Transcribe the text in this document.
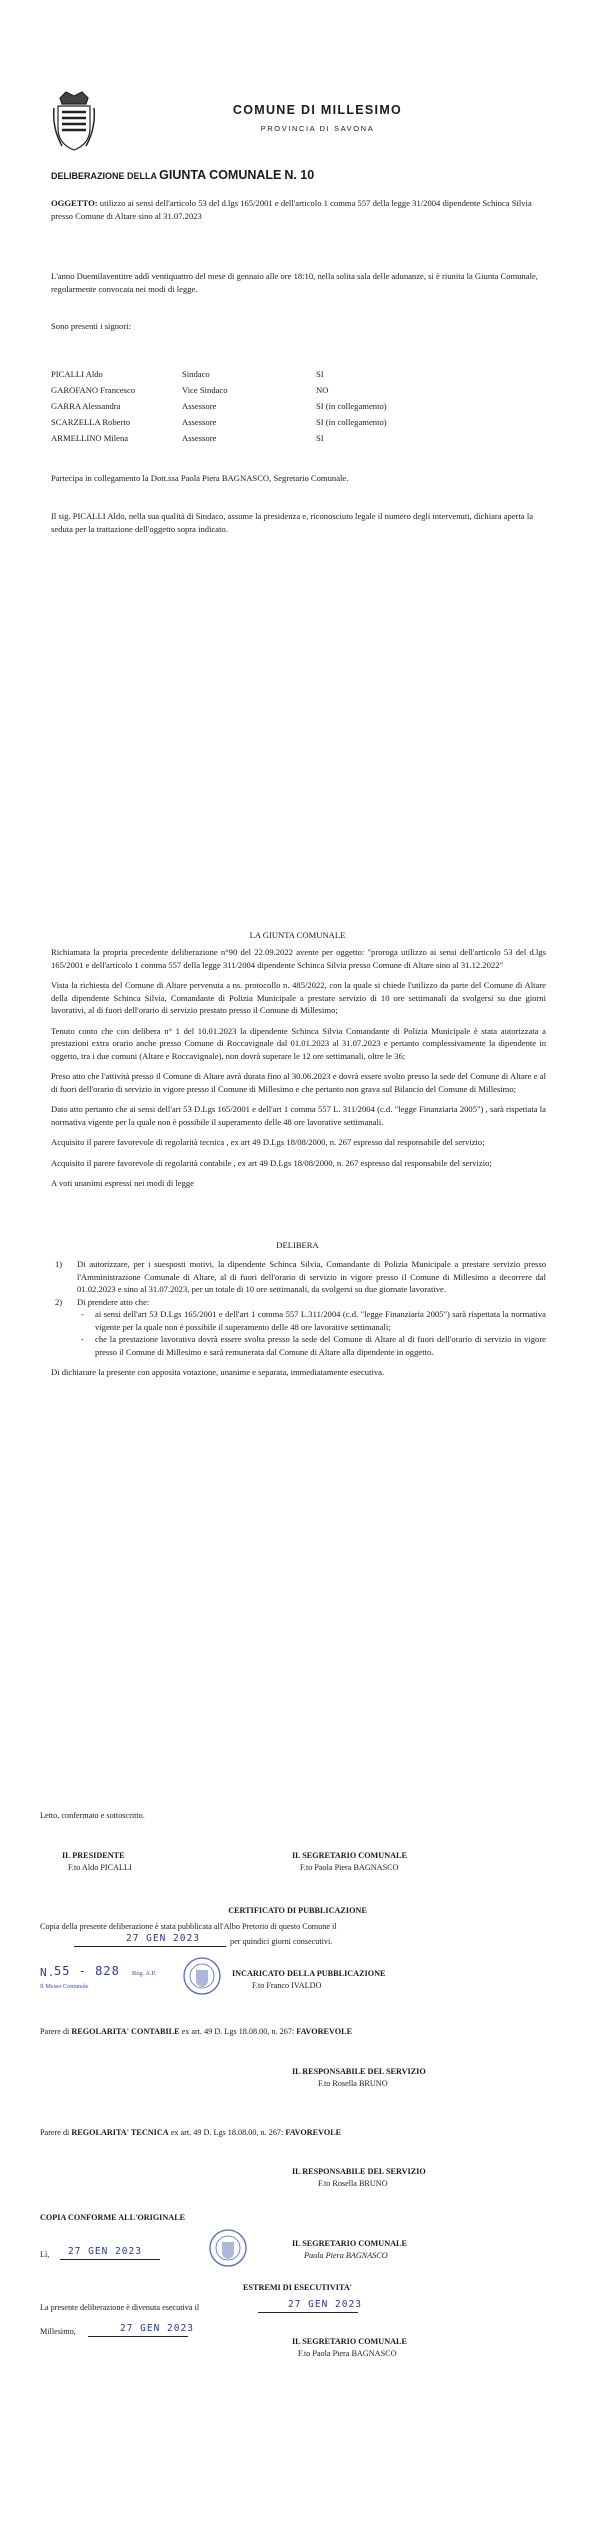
COMUNE DI MILLESIMO
PROVINCIA DI SAVONA
DELIBERAZIONE DELLA GIUNTA COMUNALE N. 10
OGGETTO: utilizzo ai sensi dell'articolo 53 del d.lgs 165/2001 e dell'articolo 1 comma 557 della legge 31/2004 dipendente Schinca Silvia presso Comune di Altare sino al 31.07.2023
L'anno Duemilaventitre addì ventiquattro del mese di gennaio alle ore 18:10, nella solita sala delle adunanze, si è riunita la Giunta Comunale, regolarmente convocata nei modi di legge.
Sono presenti i signori:
PICALLI Aldo	Sindaco	SI
GAROFANO Francesco	Vice Sindaco	NO
GARRA Alessandra	Assessore	SI (in collegamento)
SCARZELLA Roberto	Assessore	SI (in collegamento)
ARMELLINO Milena	Assessore	SI
Partecipa in collegamento la Dott.ssa Paola Piera BAGNASCO, Segretario Comunale.
Il sig. PICALLI Aldo, nella sua qualità di Sindaco, assume la presidenza e, riconosciuto legale il numero degli intervenuti, dichiara aperta la seduta per la trattazione dell'oggetto sopra indicato.
LA GIUNTA COMUNALE
Richiamata la propria precedente deliberazione n°90 del 22.09.2022 avente per oggetto: "proroga utilizzo ai sensi dell'articolo 53 del d.lgs 165/2001 e dell'articolo 1 comma 557 della legge 311/2004 dipendente Schinca Silvia presso Comune di Altare sino al 31.12.2022"
Vista la richiesta del Comune di Altare pervenuta a ns. protocollo n. 485/2022, con la quale si chiede l'utilizzo da parte del Comune di Altare della dipendente Schinca Silvia, Comandante di Polizia Municipale a prestare servizio di 10 ore settimanali da svolgersi su due giorni lavorativi, al di fuori dell'orario di servizio prestato presso il Comune di Millesimo;
Tenuto conto che con delibera n° 1 del 10.01.2023 la dipendente Schinca Silvia Comandante di Polizia Municipale è stata autorizzata a prestazioni extra orario anche presso Comune di Roccavignale dal 01.01.2023 al 31.07.2023 e pertanto complessivamente la dipendente in oggetto, tra i due comuni (Altare e Roccavignale), non dovrà superare le 12 ore settimanali, oltre le 36;
Preso atto che l'attività presso il Comune di Altare avrà durata fino al 30.06.2023 e dovrà essere svolto presso la sede del Comune di Altare e al di fuori dell'orario di servizio in vigore presso il Comune di Millesimo e che pertanto non grava sul Bilancio del Comune di Millesimo;
Dato atto pertanto che ai sensi dell'art 53 D.Lgs 165/2001 e dell'art 1 comma 557 L. 311/2004 (c.d. "legge Finanziaria 2005") , sarà rispettata la normativa vigente per la quale non è possibile il superamento delle 48 ore lavorative settimanali.
Acquisito il parere favorevole di regolarità tecnica , ex art 49 D.Lgs 18/08/2000, n. 267 espresso dal responsabile del servizio;
Acquisito il parere favorevole di regolarità contabile , ex art 49 D.Lgs 18/08/2000, n. 267 espresso dal responsabile del servizio;
A voti unanimi espressi nei modi di legge
DELIBERA
1)	Di autorizzare, per i suesposti motivi, la dipendente Schinca Silvia, Comandante di Polizia Municipale a prestare servizio presso l'Amministrazione Comunale di Altare, al di fuori dell'orario di servizio in vigore presso il Comune di Millesimo a decorrere dal 01.02.2023 e sino al 31.07.2023, per un totale di 10 ore settimanali, da svolgersi su due giornate lavorative.
2)	Di prendere atto che:
-	ai sensi dell'art 53 D.Lgs 165/2001 e dell'art 1 comma 557 L.311/2004 (c.d. "legge Finanziaria 2005") sarà rispettata la normativa vigente per la quale non è possibile il superamento delle 48 ore lavorative settimanali;
-	che la prestazione lavorativa dovrà essere svolta presso la sede del Comune di Altare al di fuori dell'orario di servizio in vigore presso il Comune di Millesimo e sarà remunerata dal Comune di Altare alla dipendente in oggetto.
Di dichiarare la presente con apposita votazione, unanime e separata, immediatamente esecutiva.
Letto, confermato e sottoscritto.
IL PRESIDENTE
F.to Aldo PICALLI
IL SEGRETARIO COMUNALE
F.to Paola Piera BAGNASCO
CERTIFICATO DI PUBBLICAZIONE
Copia della presente deliberazione è stata pubblicata all'Albo Pretorio di questo Comune il
27 GEN 2023	per quindici giorni consecutivi.
N.
55 - 828 Reg. A.P.
Il Messo Comunale
INCARICATO DELLA PUBBLICAZIONE
F.to Franco IVALDO
Parere di REGOLARITA' CONTABILE ex art. 49 D. Lgs 18.08.00, n. 267: FAVOREVOLE
IL RESPONSABILE DEL SERVIZIO
F.to Rosella BRUNO
Parere di REGOLARITA' TECNICA ex art. 49 D. Lgs 18.08.00, n. 267: FAVOREVOLE
IL RESPONSABILE DEL SERVIZIO
F.to Rosella BRUNO
COPIA CONFORME ALL'ORIGINALE
Lì, 27 GEN 2023
IL SEGRETARIO COMUNALE
Paola Piera BAGNASCO
ESTREMI DI ESECUTIVITA'
La presente deliberazione è divenuta esecutiva il	27 GEN 2023
Millesimo,	27 GEN 2023
IL SEGRETARIO COMUNALE
F.to Paola Piera BAGNASCO
